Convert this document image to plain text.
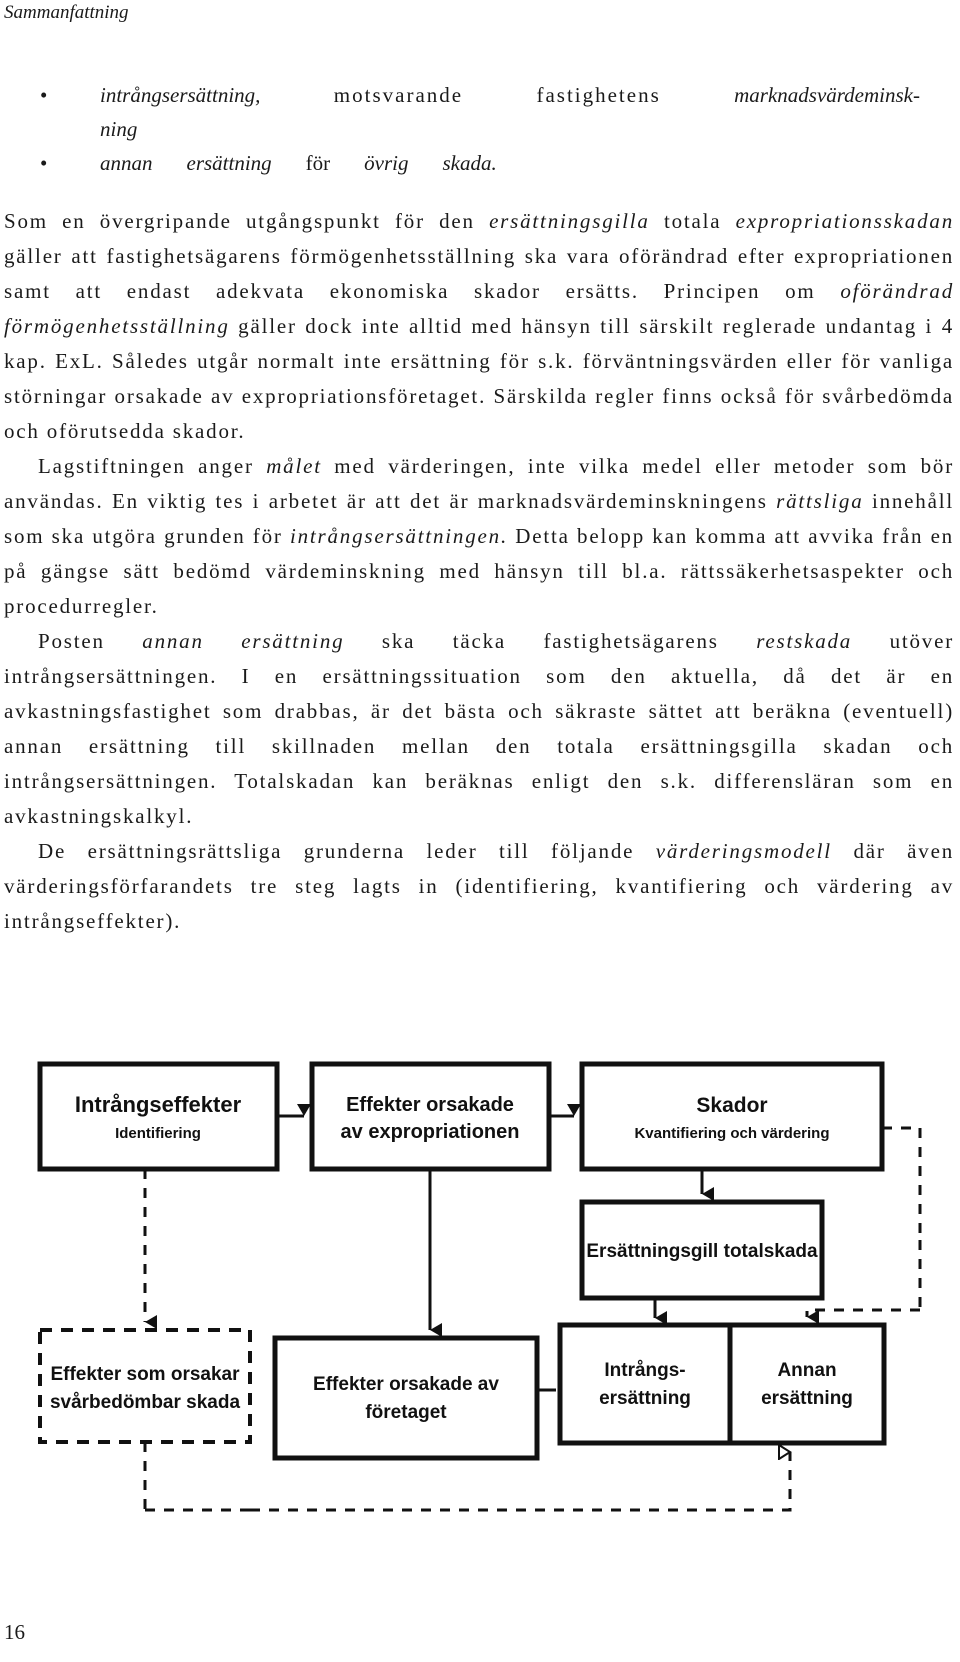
Sammanfattning
•	intrångsersättning,	motsvarande	fastighetens	marknadsvärdeminsk-
ning
•	annan ersättning för övrig skada.

Som en övergripande utgångspunkt för den ersättningsgilla totala expropriationsskadan gäller att fastighetsägarens förmögenhetsställning ska vara oförändrad efter expropriationen samt att endast adekvata ekonomiska skador ersätts. Principen om oförändrad förmögenhetsställning gäller dock inte alltid med hänsyn till särskilt reglerade undantag i 4 kap. ExL. Således utgår normalt inte ersättning för s.k. förväntningsvärden eller för vanliga störningar orsakade av expropriationsföretaget. Särskilda regler finns också för svårbedömda och oförutsedda skador.

Lagstiftningen anger målet med värderingen, inte vilka medel eller metoder som bör användas. En viktig tes i arbetet är att det är marknadsvärdeminskningens rättsliga innehåll som ska utgöra grunden för intrångsersättningen. Detta belopp kan komma att avvika från en på gängse sätt bedömd värdeminskning med hänsyn till bl.a. rättssäkerhetsaspekter och procedurregler.

Posten annan ersättning ska täcka fastighetsägarens restskada utöver intrångsersättningen. I en ersättningssituation som den aktuella, då det är en avkastningsfastighet som drabbas, är det bästa och säkraste sättet att beräkna (eventuell) annan ersättning till skillnaden mellan den totala ersättningsgilla skadan och intrångsersättningen. Totalskadan kan beräknas enligt den s.k. differensläran som en avkastningskalkyl.

De ersättningsrättsliga grunderna leder till följande värderingsmodell där även värderingsförfarandets tre steg lagts in (identifiering, kvantifiering och värdering av intrångseffekter).

Intrångseffekter
Identifiering
Effekter orsakade
av expropriationen
Skador
Kvantifiering och värdering
Ersättningsgill totalskada
Effekter som orsakar
svårbedömbar skada
Effekter orsakade av
företaget
Intrångs-
ersättning
Annan
ersättning
16
